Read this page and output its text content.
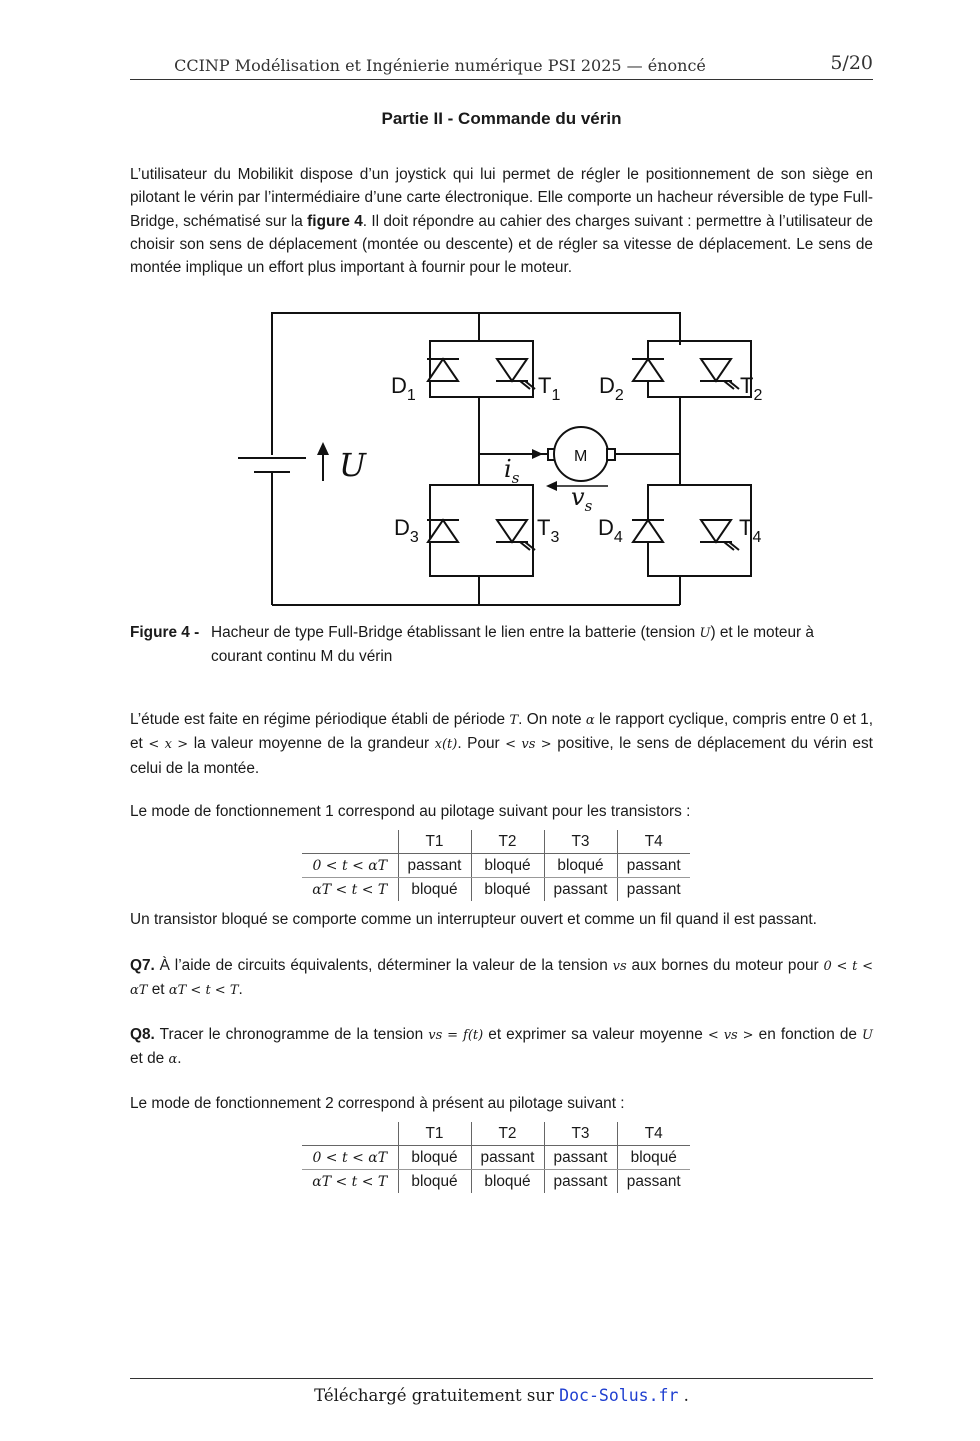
CCINP Modélisation et Ingénierie numérique PSI 2025 — énoncé	5/20
Partie II - Commande du vérin

L’utilisateur du Mobilikit dispose d’un joystick qui lui permet de régler le positionnement de son siège en pilotant le vérin par l’intermédiaire d’une carte électronique. Elle comporte un hacheur réversible de type Full-Bridge, schématisé sur la figure 4. Il doit répondre au cahier des charges suivant : permettre à l’utilisateur de choisir son sens de déplacement (montée ou descente) et de régler sa vitesse de déplacement. Le sens de montée implique un effort plus important à fournir pour le moteur.

$D_1$	$T_1$ $D_2$	$T_2$
$D_3$	$T_3$ $D_4$	$T_4$
M
U	$i_s$
$v_s$
Figure 4 - Hacheur de type Full-Bridge établissant le lien entre la batterie (tension U) et le moteur à
courant continu M du vérin

L’étude est faite en régime périodique établi de période T. On note α le rapport cyclique, compris entre 0 et 1, et < x > la valeur moyenne de la grandeur x(t). Pour < vs > positive, le sens de déplacement du vérin est celui de la montée.

Le mode de fonctionnement 1 correspond au pilotage suivant pour les transistors :

	T1	T2	T3	T4
0 < t < αT	passant	bloqué	bloqué	passant
αT < t < T	bloqué	bloqué	passant	passant

Un transistor bloqué se comporte comme un interrupteur ouvert et comme un fil quand il est passant.

Q7. À l’aide de circuits équivalents, déterminer la valeur de la tension vs aux bornes du moteur pour 0 < t < αT et αT < t < T.

Q8. Tracer le chronogramme de la tension vs = f(t) et exprimer sa valeur moyenne < vs > en fonction de U et de α.

Le mode de fonctionnement 2 correspond à présent au pilotage suivant :

	T1	T2	T3	T4
0 < t < αT	bloqué	passant	passant	bloqué
αT < t < T	bloqué	bloqué	passant	passant
Téléchargé gratuitement sur Doc-Solus.fr .
